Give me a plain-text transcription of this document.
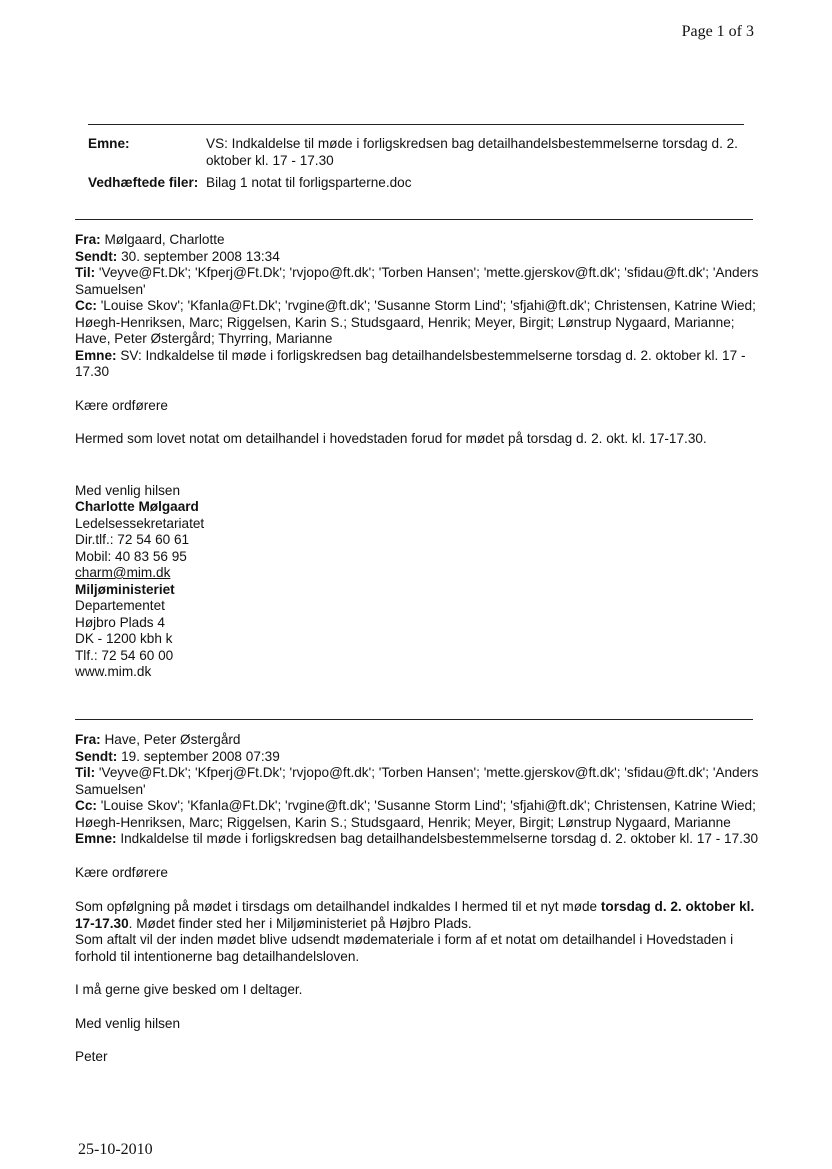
Page 1 of 3
Emne:	VS: Indkaldelse til møde i forligskredsen bag detailhandelsbestemmelserne torsdag d. 2. oktober kl. 17 - 17.30
Vedhæftede filer:	Bilag 1 notat til forligsparterne.doc
Fra: Mølgaard, Charlotte
Sendt: 30. september 2008 13:34
Til: 'Veyve@Ft.Dk'; 'Kfperj@Ft.Dk'; 'rvjopo@ft.dk'; 'Torben Hansen'; 'mette.gjerskov@ft.dk'; 'sfidau@ft.dk'; 'Anders Samuelsen'
Cc: 'Louise Skov'; 'Kfanla@Ft.Dk'; 'rvgine@ft.dk'; 'Susanne Storm Lind'; 'sfjahi@ft.dk'; Christensen, Katrine Wied; Høegh-Henriksen, Marc; Riggelsen, Karin S.; Studsgaard, Henrik; Meyer, Birgit; Lønstrup Nygaard, Marianne; Have, Peter Østergård; Thyrring, Marianne
Emne: SV: Indkaldelse til møde i forligskredsen bag detailhandelsbestemmelserne torsdag d. 2. oktober kl. 17 - 17.30
Kære ordførere
Hermed som lovet notat om detailhandel i hovedstaden forud for mødet på torsdag d. 2. okt. kl. 17-17.30.
Med venlig hilsen
Charlotte Mølgaard
Ledelsessekretariatet
Dir.tlf.: 72 54 60 61
Mobil: 40 83 56 95
charm@mim.dk
Miljøministeriet
Departementet
Højbro Plads 4
DK - 1200 kbh k
Tlf.: 72 54 60 00
www.mim.dk
Fra: Have, Peter Østergård
Sendt: 19. september 2008 07:39
Til: 'Veyve@Ft.Dk'; 'Kfperj@Ft.Dk'; 'rvjopo@ft.dk'; 'Torben Hansen'; 'mette.gjerskov@ft.dk'; 'sfidau@ft.dk'; 'Anders Samuelsen'
Cc: 'Louise Skov'; 'Kfanla@Ft.Dk'; 'rvgine@ft.dk'; 'Susanne Storm Lind'; 'sfjahi@ft.dk'; Christensen, Katrine Wied; Høegh-Henriksen, Marc; Riggelsen, Karin S.; Studsgaard, Henrik; Meyer, Birgit; Lønstrup Nygaard, Marianne
Emne: Indkaldelse til møde i forligskredsen bag detailhandelsbestemmelserne torsdag d. 2. oktober kl. 17 - 17.30
Kære ordførere
Som opfølgning på mødet i tirsdags om detailhandel indkaldes I hermed til et nyt møde torsdag d. 2. oktober kl. 17-17.30. Mødet finder sted her i Miljøministeriet på Højbro Plads.
Som aftalt vil der inden mødet blive udsendt mødemateriale i form af et notat om detailhandel i Hovedstaden i forhold til intentionerne bag detailhandelsloven.
I må gerne give besked om I deltager.
Med venlig hilsen
Peter
25-10-2010
